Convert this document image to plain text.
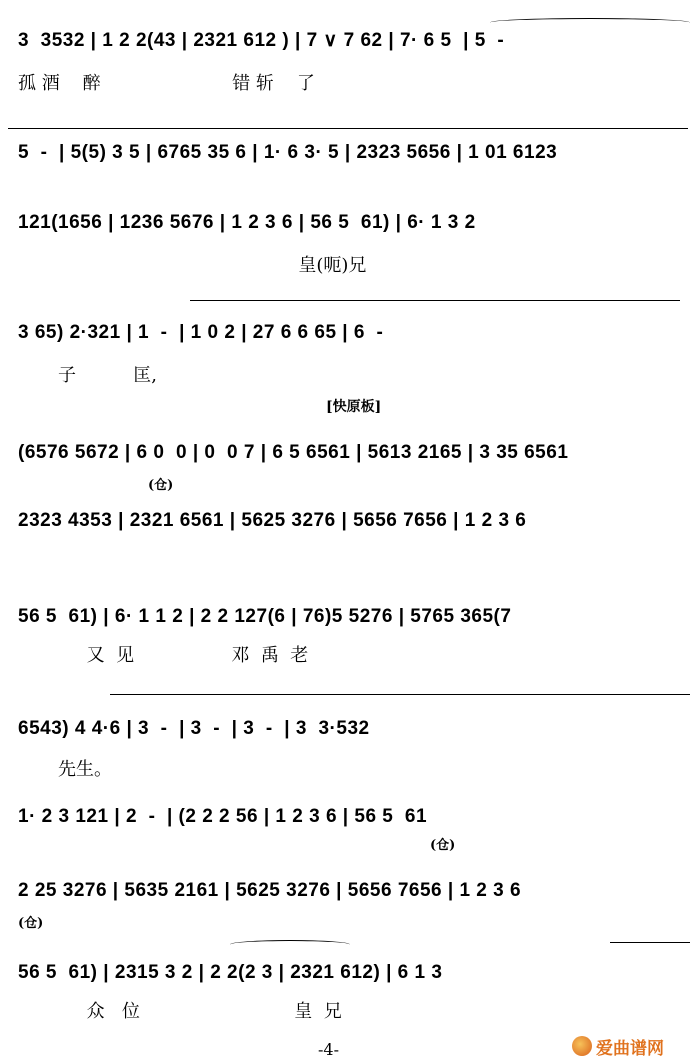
3  3532 | 1 2 2(43 | 2321 612 ) | 7 ∨ 7 62 | 7· 6 5  | 5  -
孤 酒    醉                       错 斩    了
5  -  | 5(5) 3 5 | 6765 35 6 | 1· 6 3· 5 | 2323 5656 | 1 01 6123
121(1656 | 1236 5676 | 1 2 3 6 | 56 5  61) | 6· 1 3 2
皇(呃)兄
3 65) 2·321 | 1  -  | 1 0 2 | 27 6 6 65 | 6  -
子          匡,
[快原板]
(6576 5672 | 6 0  0 | 0  0 7 | 6 5 6561 | 5613 2165 | 3 35 6561
(仓)
2323 4353 | 2321 6561 | 5625 3276 | 5656 7656 | 1 2 3 6
56 5  61) | 6· 1 1 2 | 2 2 127(6 | 76)5 5276 | 5765 365(7
又  见                 邓  禹  老
6543) 4 4·6 | 3  -  | 3  -  | 3  -  | 3  3·532
先生。
1· 2 3 121 | 2  -  | (2 2 2 56 | 1 2 3 6 | 56 5  61
(仓)
2 25 3276 | 5635 2161 | 5625 3276 | 5656 7656 | 1 2 3 6
(仓)
56 5  61) | 2315 3 2 | 2 2(2 3 | 2321 612) | 6 1 3
众   位                           皇  兄
-4-	爱曲谱网
